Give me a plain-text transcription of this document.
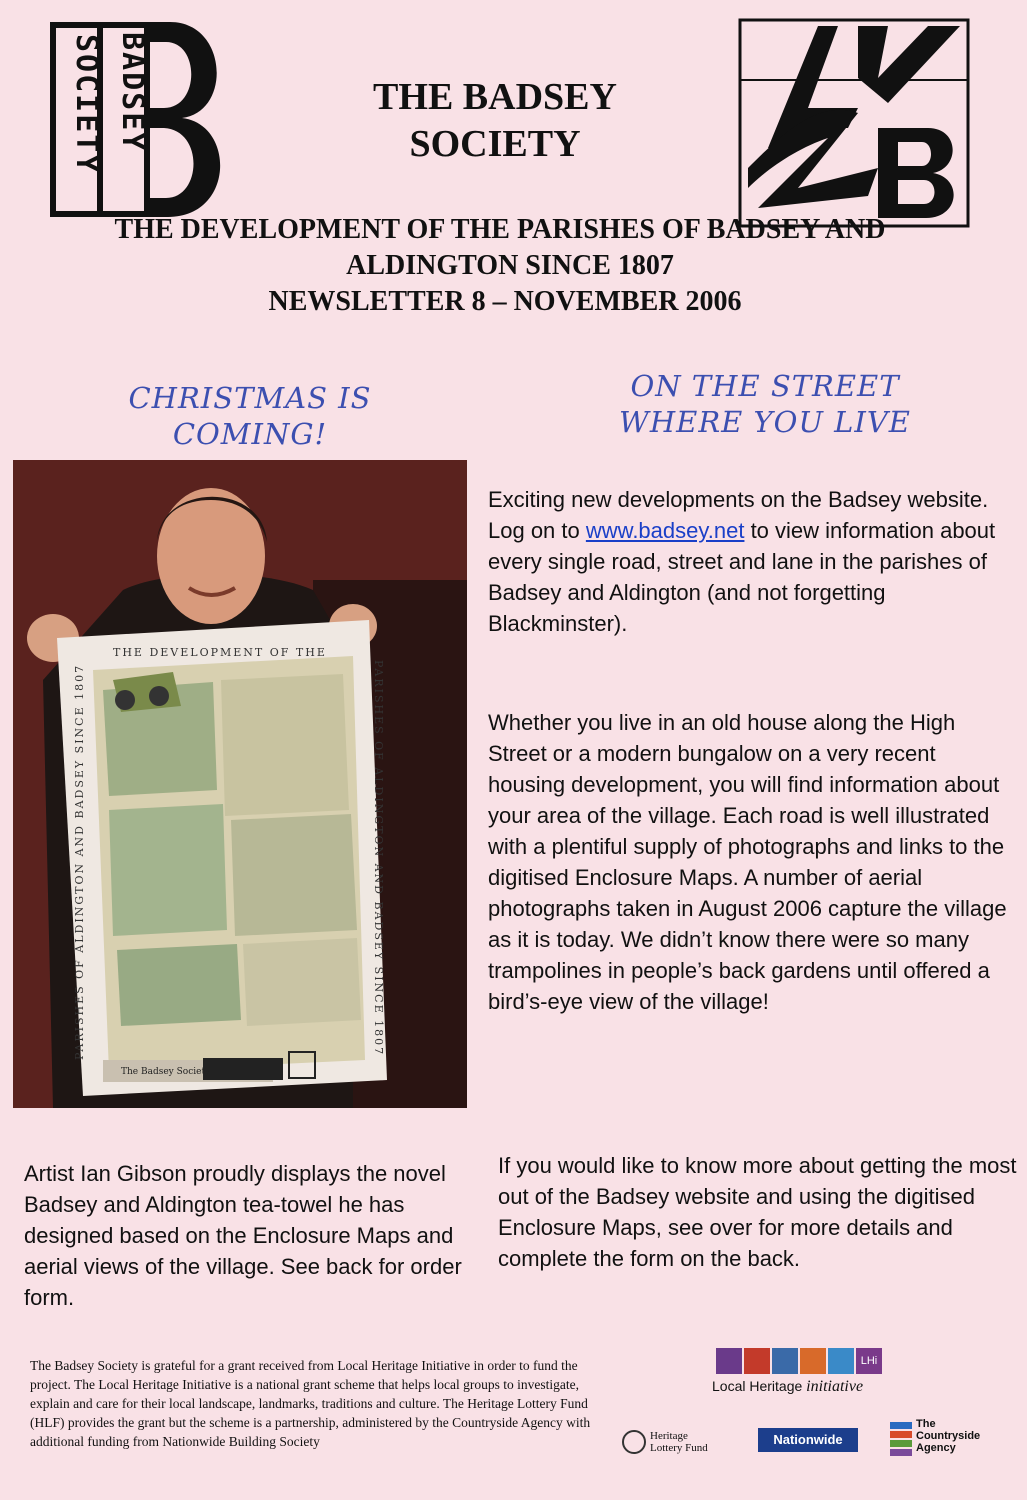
SOCIETY BADSEY	THE BADSEY
SOCIETY
THE DEVELOPMENT OF THE PARISHES OF BADSEY AND
ALDINGTON SINCE 1807
NEWSLETTER 8 – NOVEMBER 2006
CHRISTMAS IS
COMING!
ON THE STREET
WHERE YOU LIVE
THE DEVELOPMENT OF THE
PARISHES OF ALDINGTON AND BADSEY SINCE 1807
PARISHES OF ALDINGTON AND BADSEY SINCE 1807
The Badsey Society
Exciting new developments on the Badsey website. Log on to www.badsey.net to view information about every single road, street and lane in the parishes of Badsey and Aldington (and not forgetting Blackminster).
Whether you live in an old house along the High Street or a modern bungalow on a very recent housing development, you will find information about your area of the village. Each road is well illustrated with a plentiful supply of photographs and links to the digitised Enclosure Maps. A number of aerial photographs taken in August 2006 capture the village as it is today. We didn’t know there were so many trampolines in people’s back gardens until offered a bird’s-eye view of the village!
If you would like to know more about getting the most out of the Badsey website and using the digitised Enclosure Maps, see over for more details and complete the form on the back.
Artist Ian Gibson proudly displays the novel Badsey and Aldington tea-towel he has designed based on the Enclosure Maps and aerial views of the village. See back for order form.
The Badsey Society is grateful for a grant received from Local Heritage Initiative in order to fund the project. The Local Heritage Initiative is a national grant scheme that helps local groups to investigate, explain and care for their local landscape, landmarks, traditions and culture. The Heritage Lottery Fund (HLF) provides the grant but the scheme is a partnership, administered by the Countryside Agency with additional funding from Nationwide Building Society
LHi
Local Heritage initiative
Heritage
Lottery Fund
Nationwide
The
Countryside
Agency
